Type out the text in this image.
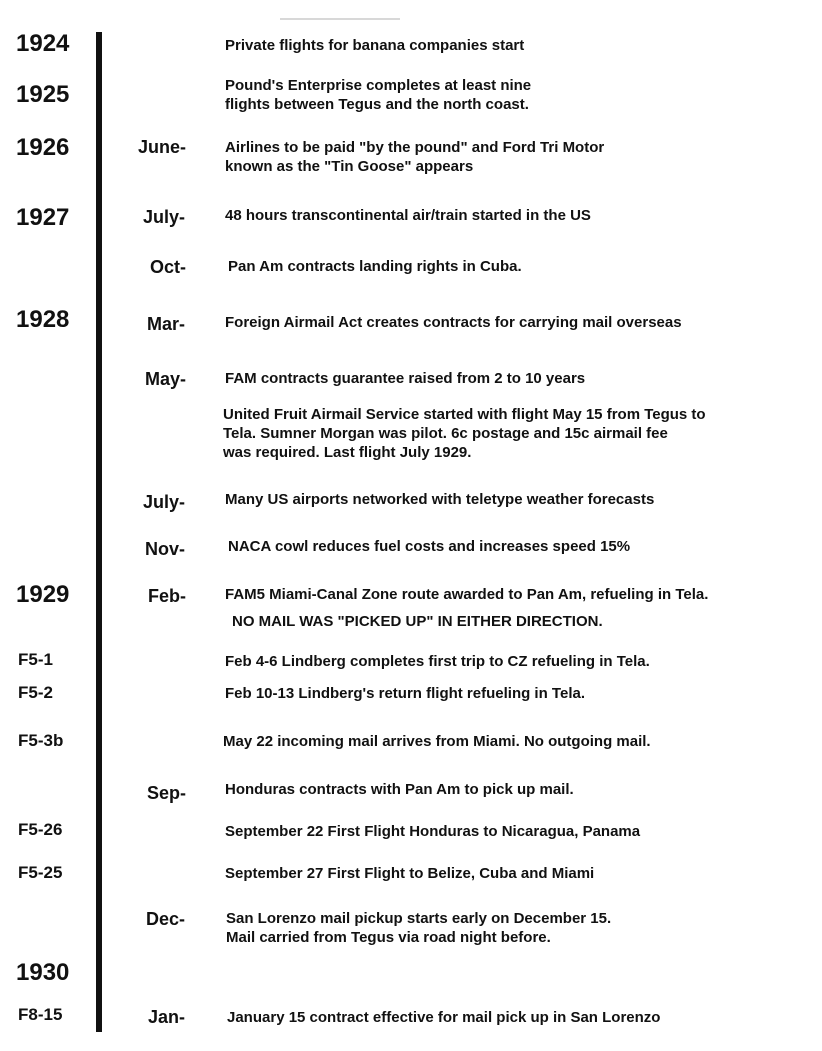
1924
1925
1926
1927
1928
1929
1930
F5-1
F5-2
F5-3b
F5-26
F5-25
F8-15
June-
July-
Oct-
Mar-
May-
July-
Nov-
Feb-
Sep-
Dec-
Jan-
Private flights for banana companies start
Pound's Enterprise completes at least nine
flights between Tegus and the north coast.
Airlines to be paid "by the pound" and Ford Tri Motor
known as the "Tin Goose" appears
48 hours transcontinental air/train started in the US
Pan Am contracts landing rights in Cuba.
Foreign Airmail Act creates contracts for carrying mail overseas
FAM contracts guarantee raised from 2 to 10 years
United Fruit Airmail Service started with flight May 15 from Tegus to
Tela. Sumner Morgan was pilot. 6c postage and 15c airmail fee
was required. Last flight July 1929.
Many US airports networked with teletype weather forecasts
NACA cowl reduces fuel costs and increases speed 15%
FAM5 Miami-Canal Zone route awarded to Pan Am, refueling in Tela.
NO MAIL WAS "PICKED UP" IN EITHER DIRECTION.
Feb 4-6 Lindberg completes first trip to CZ refueling in Tela.
Feb 10-13 Lindberg's return flight refueling in Tela.
May 22 incoming mail arrives from Miami. No outgoing mail.
Honduras contracts with Pan Am to pick up mail.
September 22 First Flight Honduras to Nicaragua, Panama
September 27 First Flight to Belize, Cuba and Miami
San Lorenzo mail pickup starts early on December 15.
Mail carried from Tegus via road night before.
January 15 contract effective for mail pick up in San Lorenzo
